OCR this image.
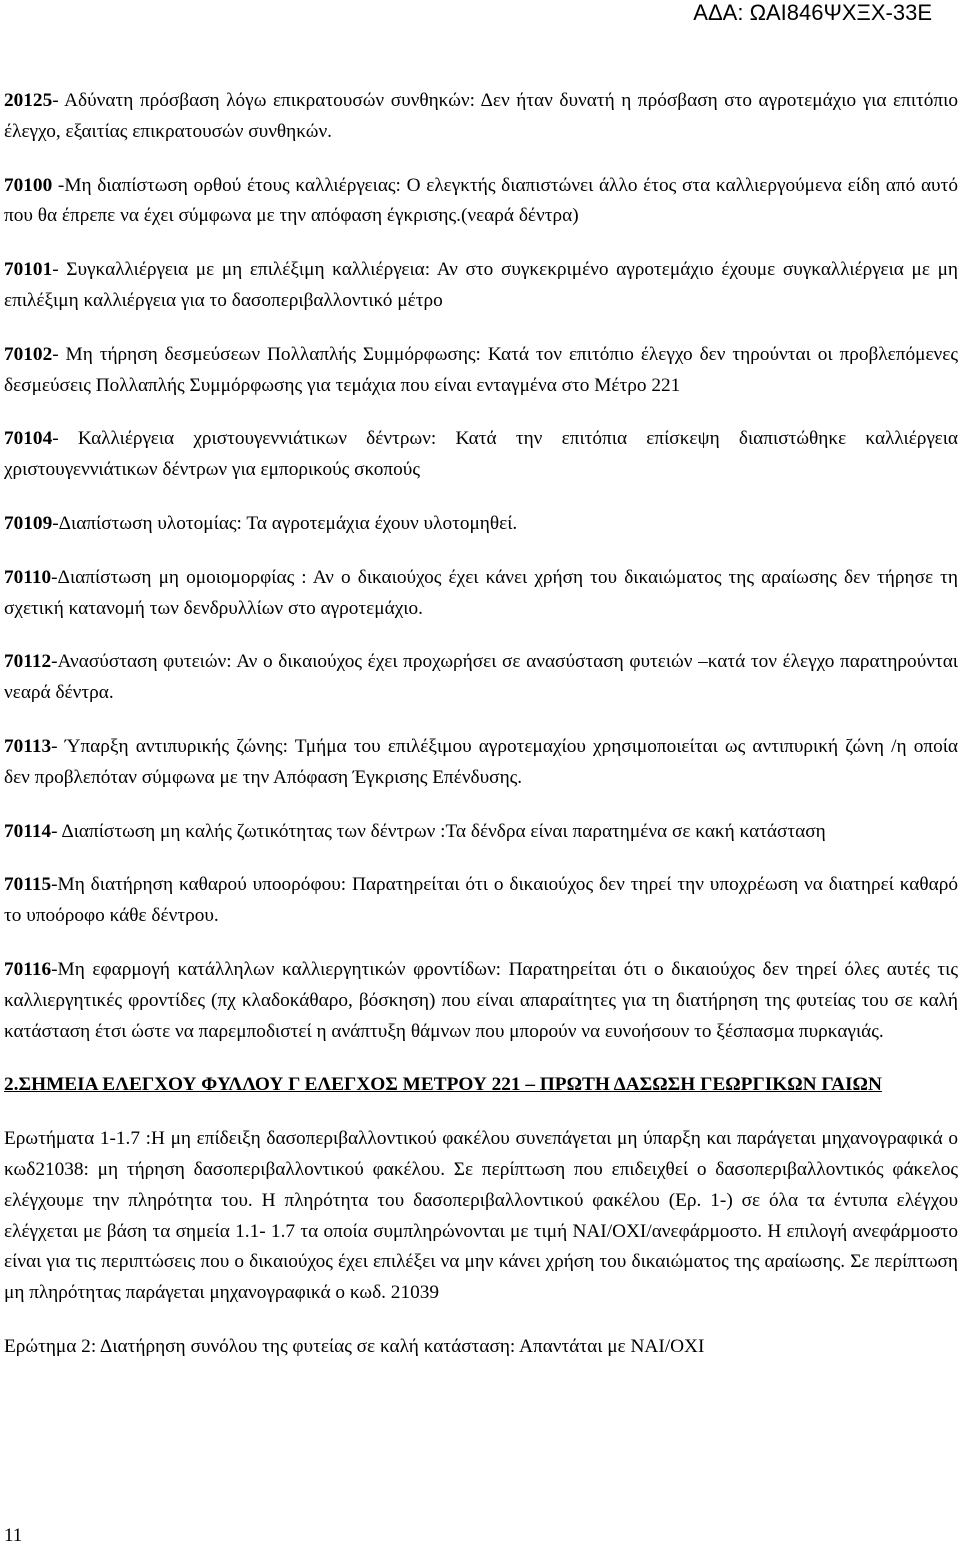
ΑΔΑ: ΩΑΙ846ΨΧΞΧ-33Ε

20125- Αδύνατη πρόσβαση λόγω επικρατουσών συνθηκών: Δεν ήταν δυνατή η πρόσβαση στο αγροτεμάχιο για επιτόπιο έλεγχο, εξαιτίας επικρατουσών συνθηκών.

70100 -Μη διαπίστωση ορθού έτους καλλιέργειας: Ο ελεγκτής διαπιστώνει άλλο έτος στα καλλιεργούμενα είδη από αυτό που θα έπρεπε να έχει σύμφωνα με την απόφαση έγκρισης.(νεαρά δέντρα)

70101- Συγκαλλιέργεια με μη επιλέξιμη καλλιέργεια: Αν στο συγκεκριμένο αγροτεμάχιο έχουμε συγκαλλιέργεια με μη επιλέξιμη καλλιέργεια για το δασοπεριβαλλοντικό μέτρο

70102- Μη τήρηση δεσμεύσεων Πολλαπλής Συμμόρφωσης: Κατά τον επιτόπιο έλεγχο δεν τηρούνται οι προβλεπόμενες δεσμεύσεις Πολλαπλής Συμμόρφωσης για τεμάχια που είναι ενταγμένα στο Μέτρο 221

70104- Καλλιέργεια χριστουγεννιάτικων δέντρων: Κατά την επιτόπια επίσκεψη διαπιστώθηκε καλλιέργεια χριστουγεννιάτικων δέντρων για εμπορικούς σκοπούς

70109-Διαπίστωση υλοτομίας: Τα αγροτεμάχια έχουν υλοτομηθεί.

70110-Διαπίστωση μη ομοιομορφίας : Αν ο δικαιούχος έχει κάνει χρήση του δικαιώματος της αραίωσης δεν τήρησε τη σχετική κατανομή των δενδρυλλίων στο αγροτεμάχιο.

70112-Ανασύσταση φυτειών: Αν ο δικαιούχος έχει προχωρήσει σε ανασύσταση φυτειών –κατά τον έλεγχο παρατηρούνται νεαρά δέντρα.

70113- Ύπαρξη αντιπυρικής ζώνης: Τμήμα του επιλέξιμου αγροτεμαχίου χρησιμοποιείται ως αντιπυρική ζώνη /η οποία δεν προβλεπόταν σύμφωνα με την Απόφαση Έγκρισης Επένδυσης.

70114- Διαπίστωση μη καλής ζωτικότητας των δέντρων :Τα δένδρα είναι παρατημένα σε κακή κατάσταση

70115-Μη διατήρηση καθαρού υποορόφου: Παρατηρείται ότι ο δικαιούχος δεν τηρεί την υποχρέωση να διατηρεί καθαρό το υποόροφο κάθε δέντρου.

70116-Μη εφαρμογή κατάλληλων καλλιεργητικών φροντίδων: Παρατηρείται ότι ο δικαιούχος δεν τηρεί όλες αυτές τις καλλιεργητικές φροντίδες (πχ κλαδοκάθαρο, βόσκηση) που είναι απαραίτητες για τη διατήρηση της φυτείας του σε καλή κατάσταση έτσι ώστε να παρεμποδιστεί η ανάπτυξη θάμνων που μπορούν να ευνοήσουν το ξέσπασμα πυρκαγιάς.

2.ΣΗΜΕΙΑ ΕΛΕΓΧΟΥ ΦΥΛΛΟΥ Γ ΕΛΕΓΧΟΣ ΜΕΤΡΟΥ 221 – ΠΡΩΤΗ ΔΑΣΩΣΗ ΓΕΩΡΓΙΚΩΝ ΓΑΙΩΝ

Ερωτήματα 1-1.7 :Η μη επίδειξη δασοπεριβαλλοντικού φακέλου συνεπάγεται μη ύπαρξη και παράγεται μηχανογραφικά ο κωδ21038: μη τήρηση δασοπεριβαλλοντικού φακέλου. Σε περίπτωση που επιδειχθεί ο δασοπεριβαλλοντικός φάκελος ελέγχουμε την πληρότητα του. Η πληρότητα του δασοπεριβαλλοντικού φακέλου (Ερ. 1-) σε όλα τα έντυπα ελέγχου ελέγχεται με βάση τα σημεία 1.1- 1.7 τα οποία συμπληρώνονται με τιμή ΝΑΙ/ΟΧΙ/ανεφάρμοστο. Η επιλογή ανεφάρμοστο είναι για τις περιπτώσεις που ο δικαιούχος έχει επιλέξει να μην κάνει χρήση του δικαιώματος της αραίωσης. Σε περίπτωση μη πληρότητας παράγεται μηχανογραφικά ο κωδ. 21039

Ερώτημα 2: Διατήρηση συνόλου της φυτείας σε καλή κατάσταση: Απαντάται με ΝΑΙ/ΟΧΙ

11
